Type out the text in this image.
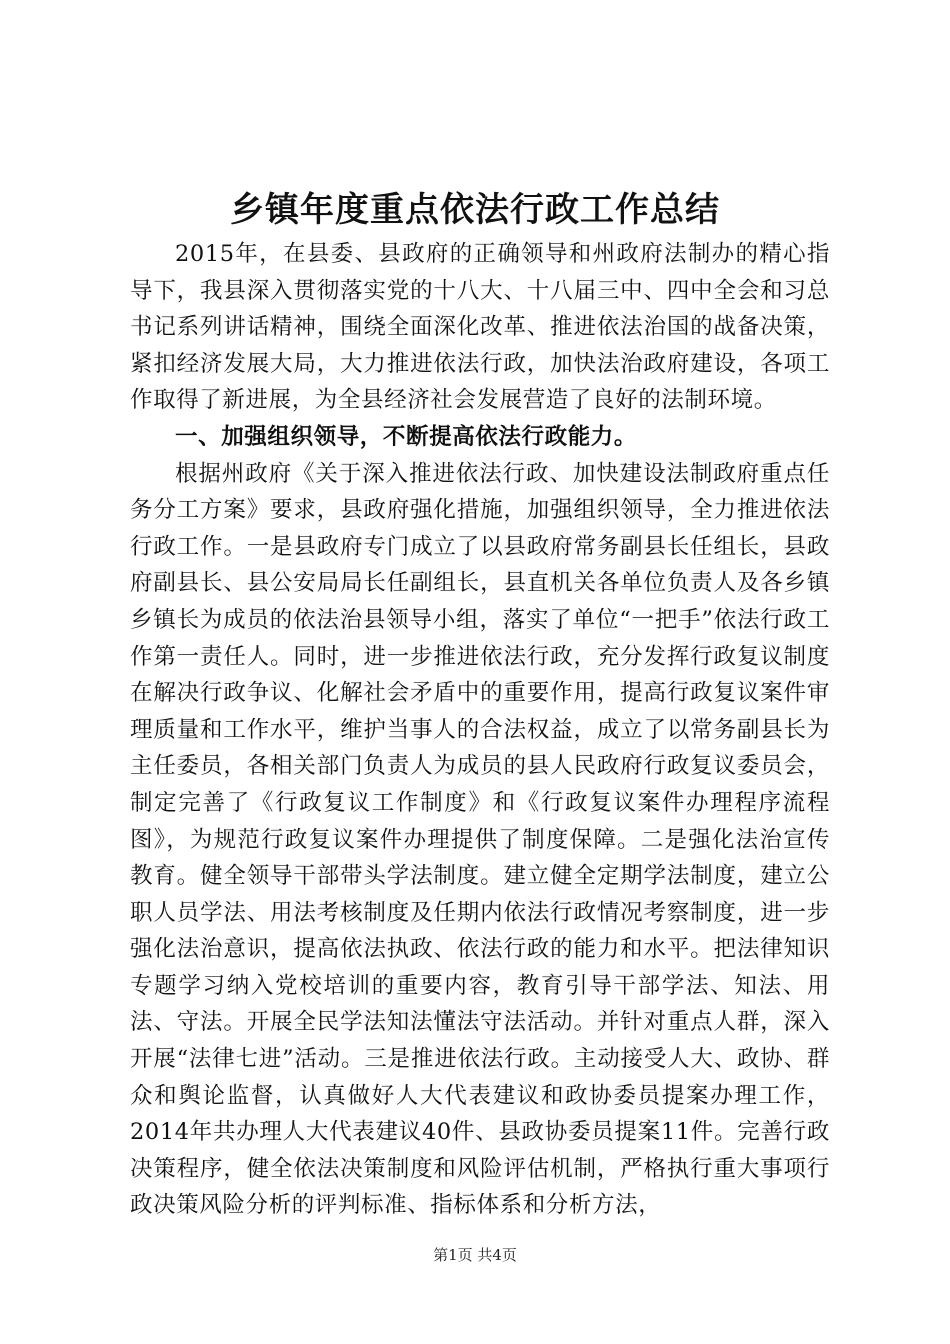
乡镇年度重点依法行政工作总结

2015年，在县委、县政府的正确领导和州政府法制办的精心指导下，我县深入贯彻落实党的十八大、十八届三中、四中全会和习总书记系列讲话精神，围绕全面深化改革、推进依法治国的战备决策，紧扣经济发展大局，大力推进依法行政，加快法治政府建设，各项工作取得了新进展，为全县经济社会发展营造了良好的法制环境。

一、加强组织领导，不断提高依法行政能力。

根据州政府《关于深入推进依法行政、加快建设法制政府重点任务分工方案》要求，县政府强化措施，加强组织领导，全力推进依法行政工作。一是县政府专门成立了以县政府常务副县长任组长，县政府副县长、县公安局局长任副组长，县直机关各单位负责人及各乡镇乡镇长为成员的依法治县领导小组，落实了单位“一把手”依法行政工作第一责任人。同时，进一步推进依法行政，充分发挥行政复议制度在解决行政争议、化解社会矛盾中的重要作用，提高行政复议案件审理质量和工作水平，维护当事人的合法权益，成立了以常务副县长为主任委员，各相关部门负责人为成员的县人民政府行政复议委员会，制定完善了《行政复议工作制度》和《行政复议案件办理程序流程图》，为规范行政复议案件办理提供了制度保障。二是强化法治宣传教育。健全领导干部带头学法制度。建立健全定期学法制度，建立公职人员学法、用法考核制度及任期内依法行政情况考察制度，进一步强化法治意识，提高依法执政、依法行政的能力和水平。把法律知识专题学习纳入党校培训的重要内容，教育引导干部学法、知法、用法、守法。开展全民学法知法懂法守法活动。并针对重点人群，深入开展“法律七进”活动。三是推进依法行政。主动接受人大、政协、群众和舆论监督，认真做好人大代表建议和政协委员提案办理工作，2014年共办理人大代表建议40件、县政协委员提案11件。完善行政决策程序，健全依法决策制度和风险评估机制，严格执行重大事项行政决策风险分析的评判标准、指标体系和分析方法，

第1页 共4页
